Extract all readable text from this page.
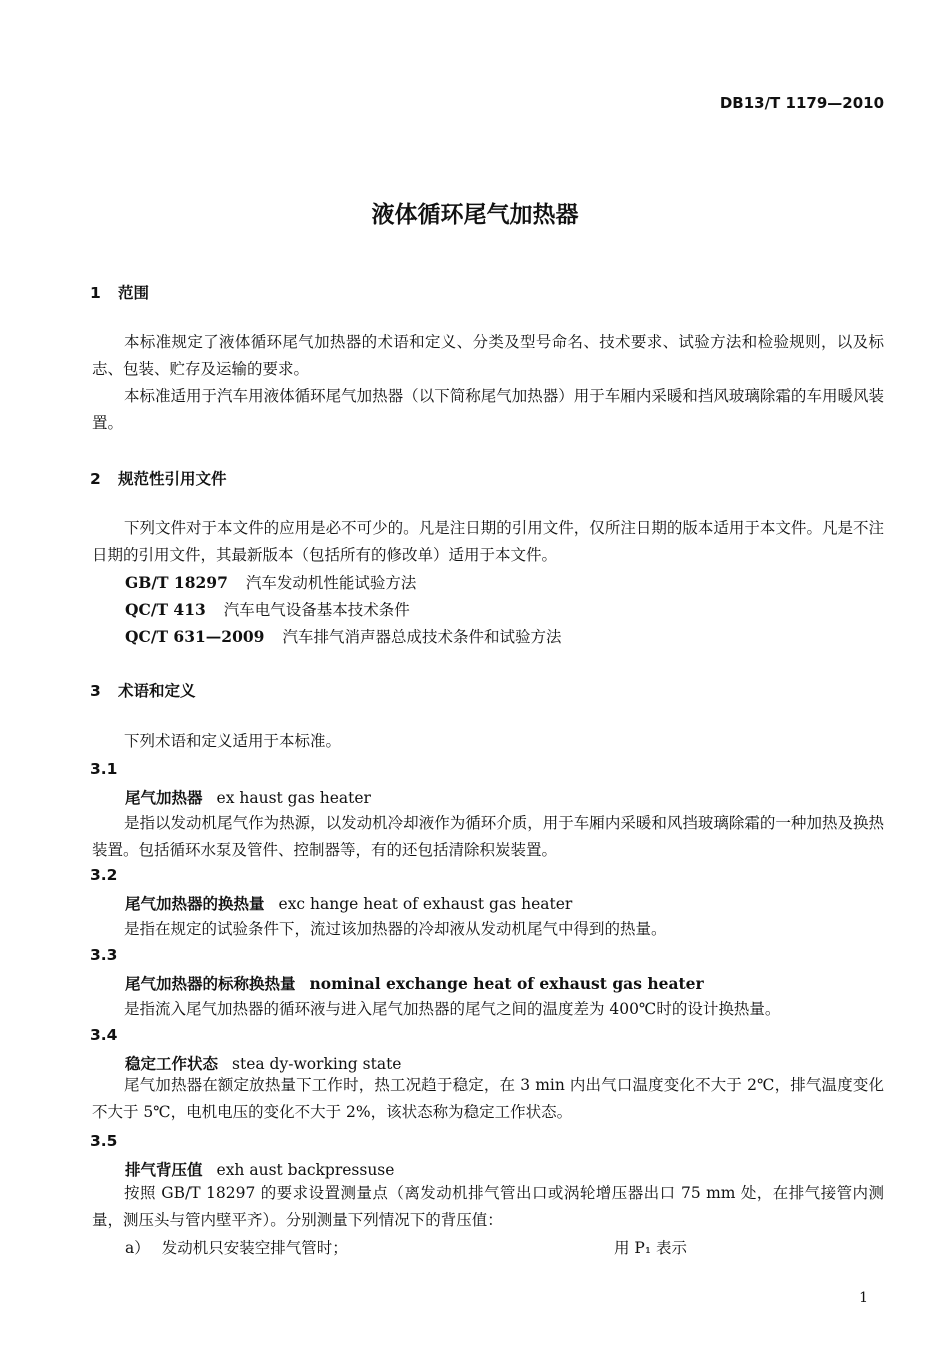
DB13/T 1179—2010
液体循环尾气加热器
1 范围
本标准规定了液体循环尾气加热器的术语和定义、分类及型号命名、技术要求、试验方法和检验规则，以及标志、包装、贮存及运输的要求。
本标准适用于汽车用液体循环尾气加热器（以下简称尾气加热器）用于车厢内采暖和挡风玻璃除霜的车用暖风装置。
2 规范性引用文件
下列文件对于本文件的应用是必不可少的。凡是注日期的引用文件，仅所注日期的版本适用于本文件。凡是不注日期的引用文件，其最新版本（包括所有的修改单）适用于本文件。
GB/T 18297 汽车发动机性能试验方法
QC/T 413 汽车电气设备基本技术条件
QC/T 631—2009 汽车排气消声器总成技术条件和试验方法
3 术语和定义
下列术语和定义适用于本标准。
3.1
尾气加热器 ex haust gas heater
是指以发动机尾气作为热源，以发动机冷却液作为循环介质，用于车厢内采暖和风挡玻璃除霜的一种加热及换热装置。包括循环水泵及管件、控制器等，有的还包括清除积炭装置。
3.2
尾气加热器的换热量 exc hange heat of exhaust gas heater
是指在规定的试验条件下，流过该加热器的冷却液从发动机尾气中得到的热量。
3.3
尾气加热器的标称换热量 nominal exchange heat of exhaust gas heater
是指流入尾气加热器的循环液与进入尾气加热器的尾气之间的温度差为 400℃时的设计换热量。
3.4
稳定工作状态 stea dy-working state
尾气加热器在额定放热量下工作时，热工况趋于稳定，在 3 min 内出气口温度变化不大于 2℃，排气温度变化不大于 5℃，电机电压的变化不大于 2%，该状态称为稳定工作状态。
3.5
排气背压值 exh aust backpressuse
按照 GB/T 18297 的要求设置测量点（离发动机排气管出口或涡轮增压器出口 75 mm 处，在排气接管内测量，测压头与管内壁平齐）。分别测量下列情况下的背压值：
a） 发动机只安装空排气管时；	用 P₁ 表示
1
